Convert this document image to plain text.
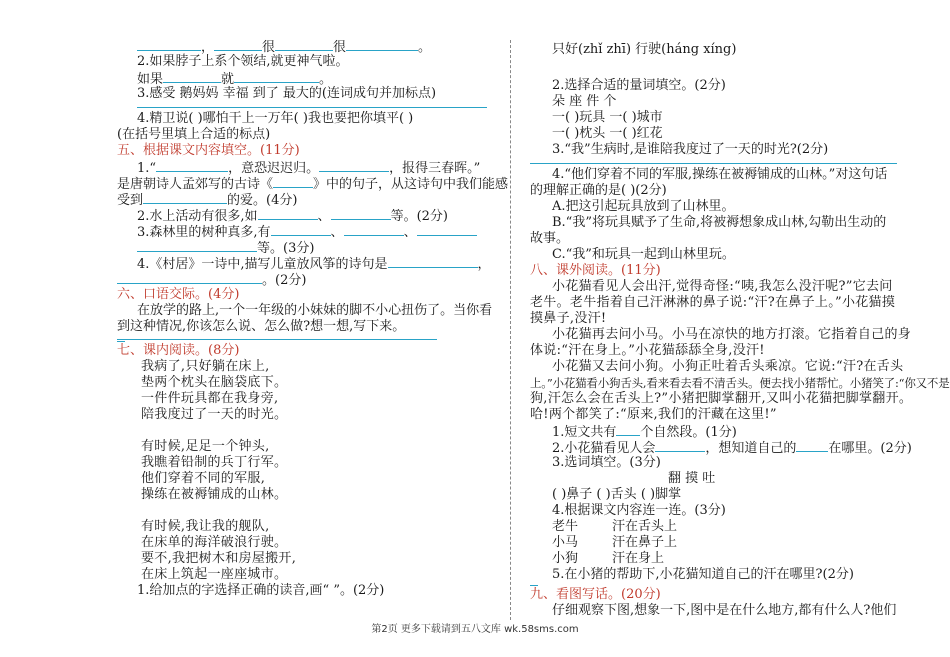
，	很	很	。
2.如果脖子上系个领结,就更神气啦。
如果	就	。
3.感受 鹅妈妈 幸福 到了 最大的(连词成句并加标点)
4.精卫说( )哪怕干上一万年( )我也要把你填平( )
(在括号里填上合适的标点)
五、根据课文内容填空。(11分)
1.“	，意恐迟迟归。	，报得三春晖。”
是唐朝诗人孟郊写的古诗《	》中的句子，从这诗句中我们能感
受到	的爱。(4分)
2.水上活动有很多,如	、	等。(2分)
3.森林里的树种真多,有	、	、
等。(3分)
4.《村居》一诗中,描写儿童放风筝的诗句是	，
。(2分)
六、口语交际。(4分)
在放学的路上,一个一年级的小妹妹的脚不小心扭伤了。当你看
到这种情况,你该怎么说、怎么做?想一想,写下来。
七、课内阅读。(8分)
我病了,只好躺在床上,
垫两个枕头在脑袋底下。
一件件玩具都在我身旁,
陪我度过了一天的时光。
有时候,足足一个钟头,
我瞧着铅制的兵丁行军。
他们穿着不同的军服,
操练在被褥铺成的山林。
有时候,我让我的舰队,
在床单的海洋破浪行驶。
要不,我把树木和房屋搬开,
在床上筑起一座座城市。
1.给加点的字选择正确的读音,画“ ”。(2分)
只好(zhǐ zhī) 行驶(háng xíng)
2.选择合适的量词填空。(2分)
朵 座 件 个
一( )玩具 一( )城市
一( )枕头 一( )红花
3.“我”生病时,是谁陪我度过了一天的时光?(2分)
4.“他们穿着不同的军服,操练在被褥铺成的山林。”对这句话
的理解正确的是( )(2分)
A.把这引起玩具放到了山林里。
B.“我”将玩具赋予了生命,将被褥想象成山林,勾勒出生动的
故事。
C.“我”和玩具一起到山林里玩。
八、课外阅读。(11分)
小花猫看见人会出汗,觉得奇怪:“咦,我怎么没汗呢?”它去问
老牛。老牛指着自己汗淋淋的鼻子说:“汗?在鼻子上。”小花猫摸
摸鼻子,没汗!
小花猫再去问小马。小马在凉快的地方打滚。它指着自己的身
体说:“汗在身上。”小花猫舔舔全身,没汗!
小花猫又去问小狗。小狗正吐着舌头乘凉。它说:“汗?在舌头
上。”小花猫看小狗舌头,看来看去看不清舌头。便去找小猪帮忙。小猪笑了:“你又不是
狗,汗怎么会在舌头上?”小猪把脚掌翻开,又叫小花猫把脚掌翻开。
哈!两个都笑了:“原来,我们的汗藏在这里!”
1.短文共有 个自然段。(1分)
2.小花猫看见人会	，想知道自己的 在哪里。(2分)
3.选词填空。(3分)
翻 摸 吐
( )鼻子 ( )舌头 ( )脚掌
4.根据课文内容连一连。(3分)
老牛	汗在舌头上
小马	汗在鼻子上
小狗	汗在身上
5.在小猪的帮助下,小花猫知道自己的汗在哪里?(2分)
九、看图写话。(20分)
仔细观察下图,想象一下,图中是在什么地方,都有什么人?他们
第2页 更多下载请到五八文库 wk.58sms.com
